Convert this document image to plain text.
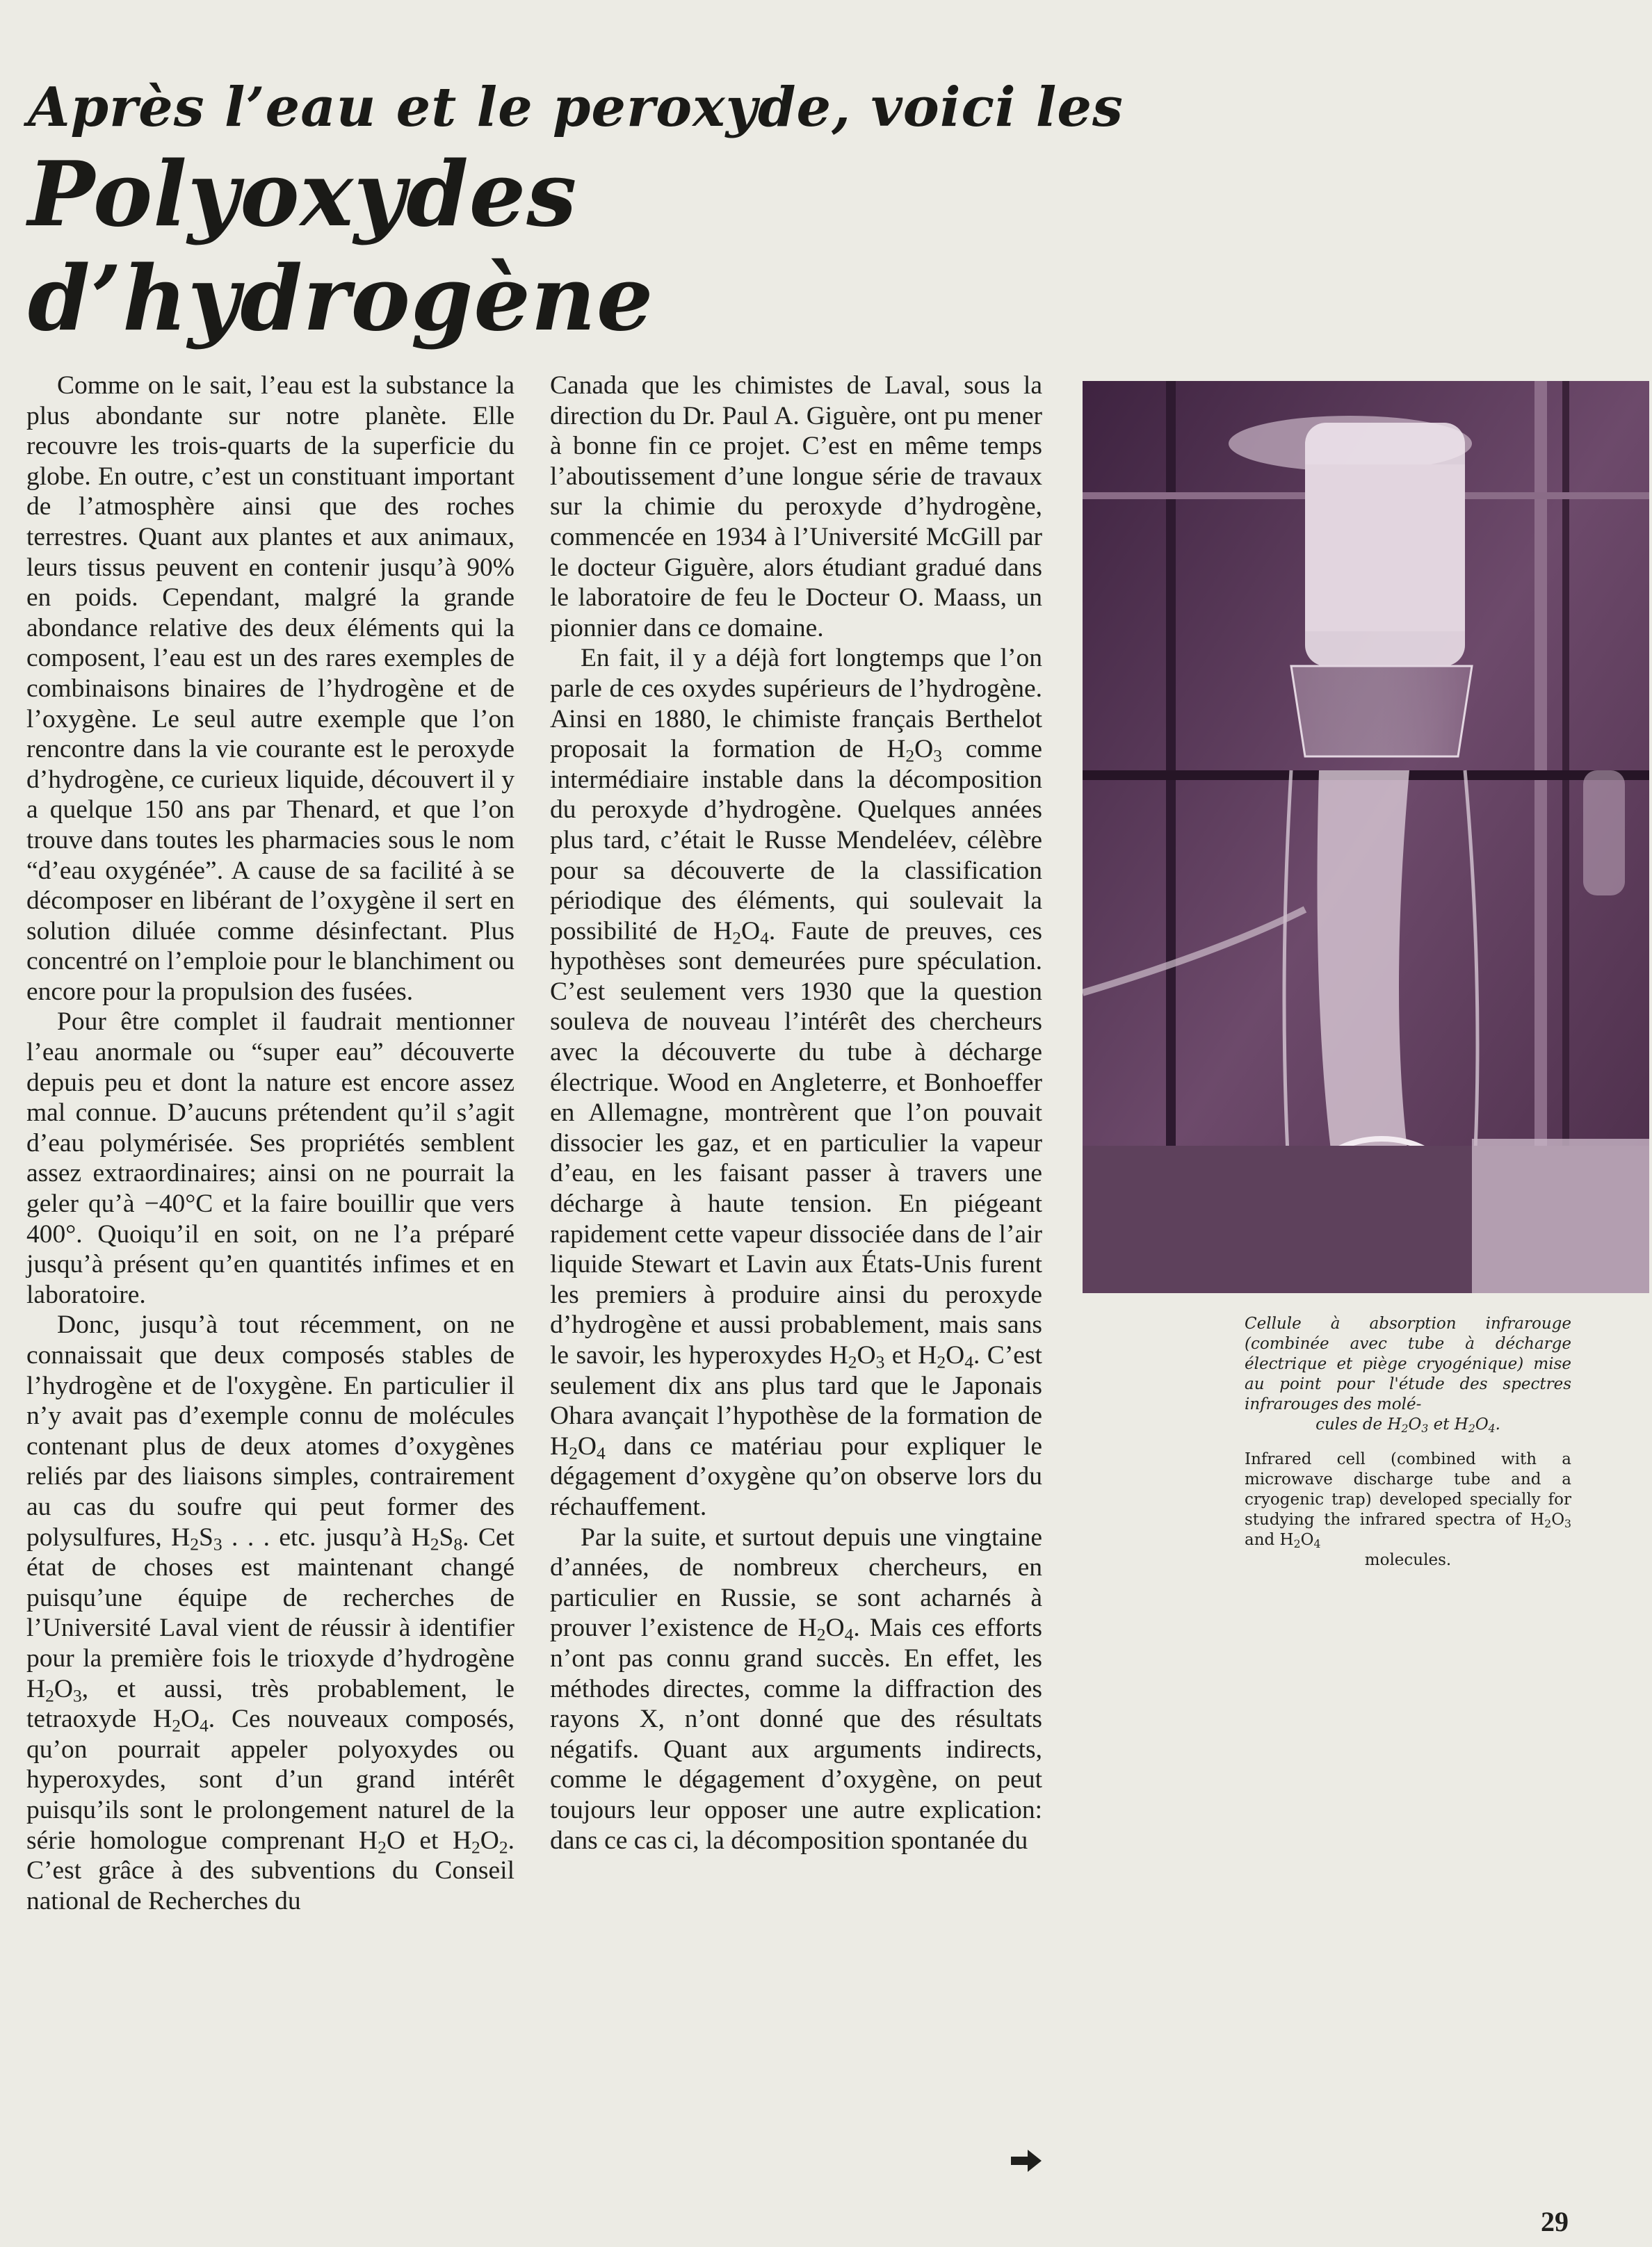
Après l’eau et le peroxyde, voici les
Polyoxydes
d’hydrogène

Comme on le sait, l’eau est la substance la plus abondante sur notre planète. Elle recouvre les trois-quarts de la superficie du globe. En outre, c’est un constituant important de l’atmosphère ainsi que des roches terrestres. Quant aux plantes et aux animaux, leurs tissus peuvent en contenir jusqu’à 90% en poids. Cependant, malgré la grande abondance relative des deux éléments qui la composent, l’eau est un des rares exemples de combinaisons binaires de l’hydrogène et de l’oxygène. Le seul autre exemple que l’on rencontre dans la vie courante est le peroxyde d’hydrogène, ce curieux liquide, découvert il y a quelque 150 ans par Thenard, et que l’on trouve dans toutes les pharmacies sous le nom “d’eau oxygénée”. A cause de sa facilité à se décomposer en libérant de l’oxygène il sert en solution diluée comme désinfectant. Plus concentré on l’emploie pour le blanchiment ou encore pour la propulsion des fusées.

Pour être complet il faudrait mentionner l’eau anormale ou “super eau” découverte depuis peu et dont la nature est encore assez mal connue. D’aucuns prétendent qu’il s’agit d’eau polymérisée. Ses propriétés semblent assez extraordinaires; ainsi on ne pourrait la geler qu’à −40°C et la faire bouillir que vers 400°. Quoiqu’il en soit, on ne l’a préparé jusqu’à présent qu’en quantités infimes et en laboratoire.

Donc, jusqu’à tout récemment, on ne connaissait que deux composés stables de l’hydrogène et de l'oxygène. En particulier il n’y avait pas d’exemple connu de molécules contenant plus de deux atomes d’oxygènes reliés par des liaisons simples, contrairement au cas du soufre qui peut former des polysulfures, $H_2S_3$ . . . etc. jusqu’à $H_2S_8$. Cet état de choses est maintenant changé puisqu’une équipe de recherches de l’Université Laval vient de réussir à identifier pour la première fois le trioxyde d’hydrogène $H_2O_3$, et aussi, très probablement, le tetraoxyde $H_2O_4$. Ces nouveaux composés, qu’on pourrait appeler polyoxydes ou hyperoxydes, sont d’un grand intérêt puisqu’ils sont le prolongement naturel de la série homologue comprenant $H_2O$ et $H_2O_2$. C’est grâce à des subventions du Conseil national de Recherches du

Canada que les chimistes de Laval, sous la direction du Dr. Paul A. Giguère, ont pu mener à bonne fin ce projet. C’est en même temps l’aboutissement d’une longue série de travaux sur la chimie du peroxyde d’hydrogène, commencée en 1934 à l’Université McGill par le docteur Giguère, alors étudiant gradué dans le laboratoire de feu le Docteur O. Maass, un pionnier dans ce domaine.

En fait, il y a déjà fort longtemps que l’on parle de ces oxydes supérieurs de l’hydrogène. Ainsi en 1880, le chimiste français Berthelot proposait la formation de $H_2O_3$ comme intermédiaire instable dans la décomposition du peroxyde d’hydrogène. Quelques années plus tard, c’était le Russe Mendeléev, célèbre pour sa découverte de la classification périodique des éléments, qui soulevait la possibilité de $H_2O_4$. Faute de preuves, ces hypothèses sont demeurées pure spéculation. C’est seulement vers 1930 que la question souleva de nouveau l’intérêt des chercheurs avec la découverte du tube à décharge électrique. Wood en Angleterre, et Bonhoeffer en Allemagne, montrèrent que l’on pouvait dissocier les gaz, et en particulier la vapeur d’eau, en les faisant passer à travers une décharge à haute tension. En piégeant rapidement cette vapeur dissociée dans de l’air liquide Stewart et Lavin aux États-Unis furent les premiers à produire ainsi du peroxyde d’hydrogène et aussi probablement, mais sans le savoir, les hyperoxydes $H_2O_3$ et $H_2O_4$. C’est seulement dix ans plus tard que le Japonais Ohara avançait l’hypothèse de la formation de $H_2O_4$ dans ce matériau pour expliquer le dégagement d’oxygène qu’on observe lors du réchauffement.

Par la suite, et surtout depuis une vingtaine d’années, de nombreux chercheurs, en particulier en Russie, se sont acharnés à prouver l’existence de $H_2O_4$. Mais ces efforts n’ont pas connu grand succès. En effet, les méthodes directes, comme la diffraction des rayons X, n’ont donné que des résultats négatifs. Quant aux arguments indirects, comme le dégagement d’oxygène, on peut toujours leur opposer une autre explication: dans ce cas ci, la décomposition spontanée du

Cellule à absorption infrarouge (combinée avec tube à décharge électrique et piège cryogénique) mise au point pour l'étude des spectres infrarouges des molé-
cules de $H_2O_3$ et $H_2O_4$.

Infrared cell (combined with a microwave discharge tube and a cryogenic trap) developed specially for studying the infrared spectra of $H_2O_3$ and $H_2O_4$
molecules.

29
